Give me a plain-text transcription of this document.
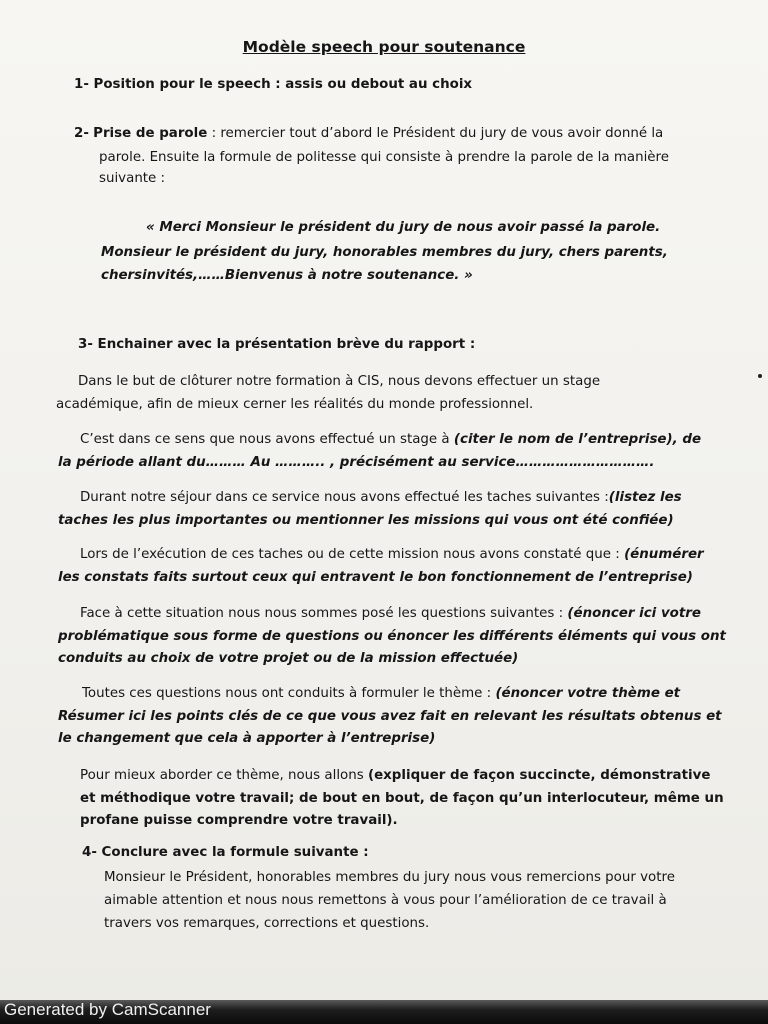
Modèle speech pour soutenance
1- Position pour le speech : assis ou debout au choix
2- Prise de parole : remercier tout d’abord le Président du jury de vous avoir donné la
parole. Ensuite la formule de politesse qui consiste à prendre la parole de la manière
suivante :
« Merci Monsieur le président du jury de nous avoir passé la parole.
Monsieur le président du jury, honorables membres du jury, chers parents,
chersinvités,……Bienvenus à notre soutenance. »
3- Enchainer avec la présentation brève du rapport :
Dans le but de clôturer notre formation à CIS, nous devons effectuer un stage
académique, afin de mieux cerner les réalités du monde professionnel.
C’est dans ce sens que nous avons effectué un stage à (citer le nom de l’entreprise), de
la période allant du……… Au ……….. , précisément au service………………………….
Durant notre séjour dans ce service nous avons effectué les taches suivantes :(listez les
taches les plus importantes ou mentionner les missions qui vous ont été confiée)
Lors de l’exécution de ces taches ou de cette mission nous avons constaté que : (énumérer
les constats faits surtout ceux qui entravent le bon fonctionnement de l’entreprise)
Face à cette situation nous nous sommes posé les questions suivantes : (énoncer ici votre
problématique sous forme de questions ou énoncer les différents éléments qui vous ont
conduits au choix de votre projet ou de la mission effectuée)
Toutes ces questions nous ont conduits à formuler le thème : (énoncer votre thème et
Résumer ici les points clés de ce que vous avez fait en relevant les résultats obtenus et
le changement que cela à apporter à l’entreprise)
Pour mieux aborder ce thème, nous allons (expliquer de façon succincte, démonstrative
et méthodique votre travail; de bout en bout, de façon qu’un interlocuteur, même un
profane puisse comprendre votre travail).
4- Conclure avec la formule suivante :
Monsieur le Président, honorables membres du jury nous vous remercions pour votre
aimable attention et nous nous remettons à vous pour l’amélioration de ce travail à
travers vos remarques, corrections et questions.
Generated by CamScanner
